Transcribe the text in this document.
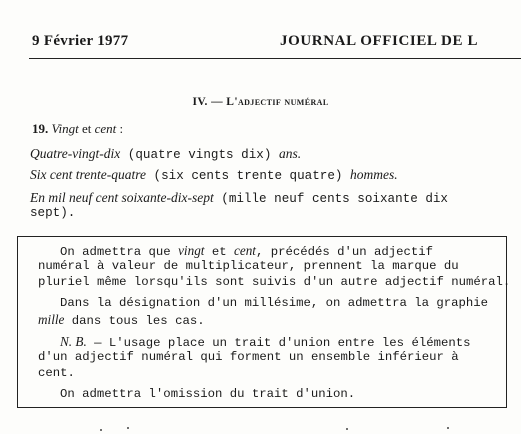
9 Février 1977	JOURNAL OFFICIEL DE L
IV. — L'adjectif numéral
19. Vingt et cent :
Quatre-vingt-dix (quatre vingts dix) ans.
Six cent trente-quatre (six cents trente quatre) hommes.
En mil neuf cent soixante-dix-sept (mille neuf cents soixante dix
sept).
On admettra que vingt et cent, précédés d'un adjectif
numéral à valeur de multiplicateur, prennent la marque du
pluriel même lorsqu'ils sont suivis d'un autre adjectif numéral.
Dans la désignation d'un millésime, on admettra la graphie
mille dans tous les cas.
N. B. — L'usage place un trait d'union entre les éléments
d'un adjectif numéral qui forment un ensemble inférieur à
cent.
On admettra l'omission du trait d'union.
